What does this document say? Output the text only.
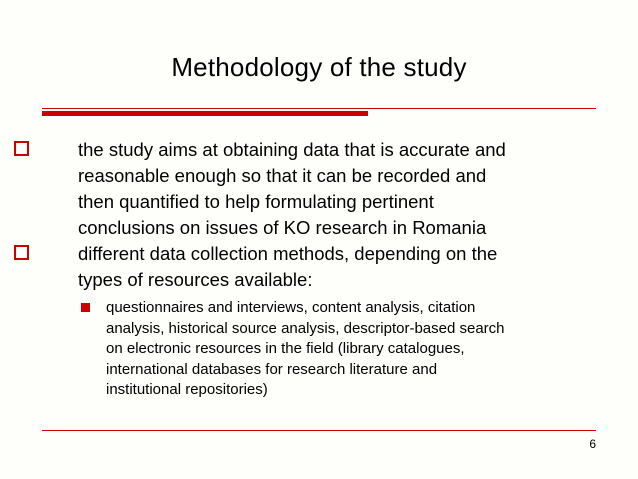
Methodology of the study
the study aims at obtaining data that is accurate and
reasonable enough so that it can be recorded and
then quantified to help formulating pertinent
conclusions on issues of KO research in Romania
different data collection methods, depending on the
types of resources available:
questionnaires and interviews, content analysis, citation
analysis, historical source analysis, descriptor-based search
on electronic resources in the field (library catalogues,
international databases for research literature and
institutional repositories)
6
